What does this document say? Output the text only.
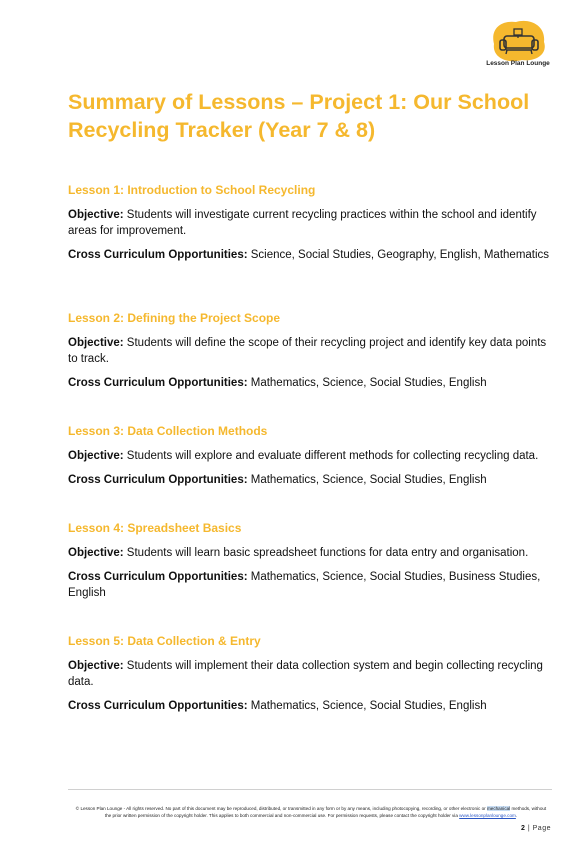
Lesson Plan Lounge
Summary of Lessons – Project 1: Our School Recycling Tracker (Year 7 & 8)
Lesson 1: Introduction to School Recycling

Objective: Students will investigate current recycling practices within the school and identify areas for improvement.

Cross Curriculum Opportunities: Science, Social Studies, Geography, English, Mathematics

Lesson 2: Defining the Project Scope

Objective: Students will define the scope of their recycling project and identify key data points to track.

Cross Curriculum Opportunities: Mathematics, Science, Social Studies, English

Lesson 3: Data Collection Methods

Objective: Students will explore and evaluate different methods for collecting recycling data.

Cross Curriculum Opportunities: Mathematics, Science, Social Studies, English

Lesson 4: Spreadsheet Basics

Objective: Students will learn basic spreadsheet functions for data entry and organisation.

Cross Curriculum Opportunities: Mathematics, Science, Social Studies, Business Studies, English

Lesson 5: Data Collection & Entry

Objective: Students will implement their data collection system and begin collecting recycling data.

Cross Curriculum Opportunities: Mathematics, Science, Social Studies, English

© Lesson Plan Lounge - All rights reserved. No part of this document may be reproduced, distributed, or transmitted in any form or by any means, including photocopying, recording, or other electronic or mechanical methods, without the prior written permission of the copyright holder. This applies to both commercial and non-commercial use. For permission requests, please contact the copyright holder via www.lessonplanlounge.com.

2 | Page
